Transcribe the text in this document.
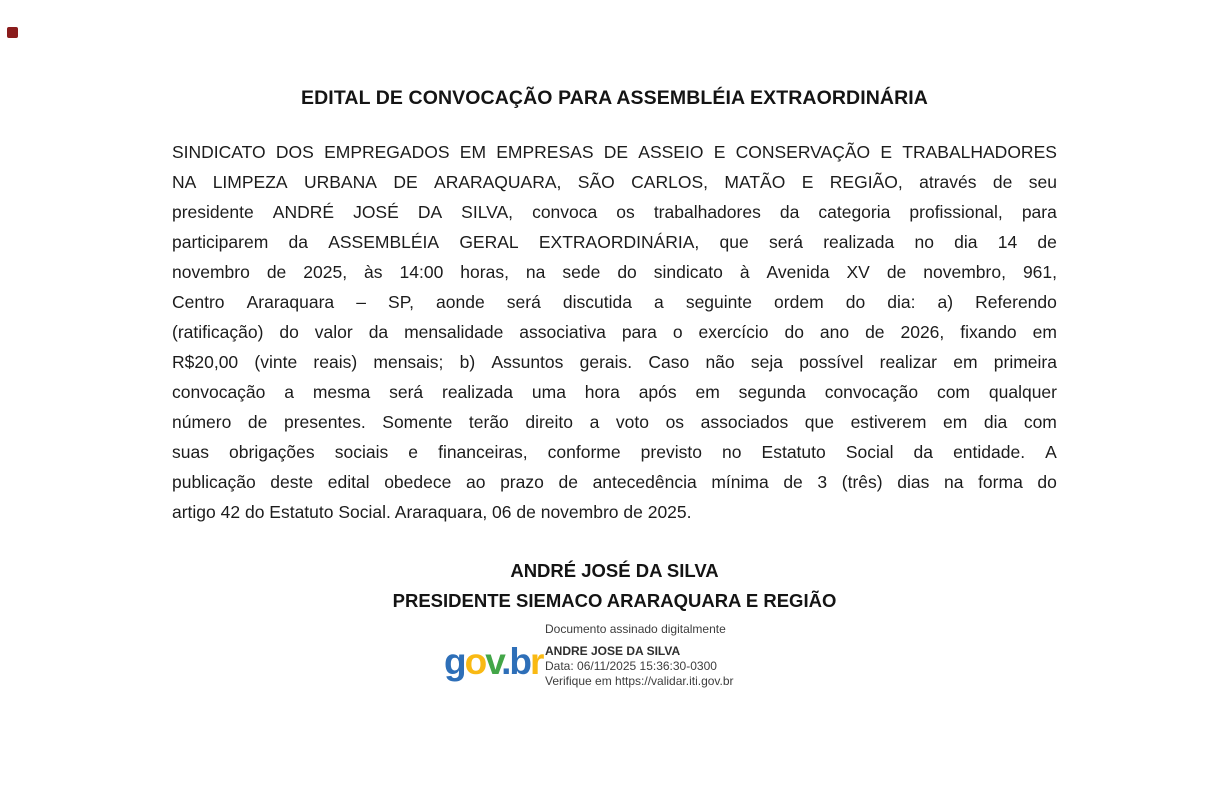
EDITAL DE CONVOCAÇÃO PARA ASSEMBLÉIA EXTRAORDINÁRIA
SINDICATO DOS EMPREGADOS EM EMPRESAS DE ASSEIO E CONSERVAÇÃO E TRABALHADORES
NA LIMPEZA URBANA DE ARARAQUARA, SÃO CARLOS, MATÃO E REGIÃO, através de seu
presidente ANDRÉ JOSÉ DA SILVA, convoca os trabalhadores da categoria profissional, para
participarem da ASSEMBLÉIA GERAL EXTRAORDINÁRIA, que será realizada no dia 14 de
novembro de 2025, às 14:00 horas, na sede do sindicato à Avenida XV de novembro, 961,
Centro Araraquara – SP, aonde será discutida a seguinte ordem do dia: a) Referendo
(ratificação) do valor da mensalidade associativa para o exercício do ano de 2026, fixando em
R$20,00 (vinte reais) mensais; b) Assuntos gerais. Caso não seja possível realizar em primeira
convocação a mesma será realizada uma hora após em segunda convocação com qualquer
número de presentes. Somente terão direito a voto os associados que estiverem em dia com
suas obrigações sociais e financeiras, conforme previsto no Estatuto Social da entidade. A
publicação deste edital obedece ao prazo de antecedência mínima de 3 (três) dias na forma do
artigo 42 do Estatuto Social. Araraquara, 06 de novembro de 2025.
ANDRÉ JOSÉ DA SILVA
PRESIDENTE SIEMACO ARARAQUARA E REGIÃO
gov.br
Documento assinado digitalmente
ANDRE JOSE DA SILVA
Data: 06/11/2025 15:36:30-0300
Verifique em https://validar.iti.gov.br
